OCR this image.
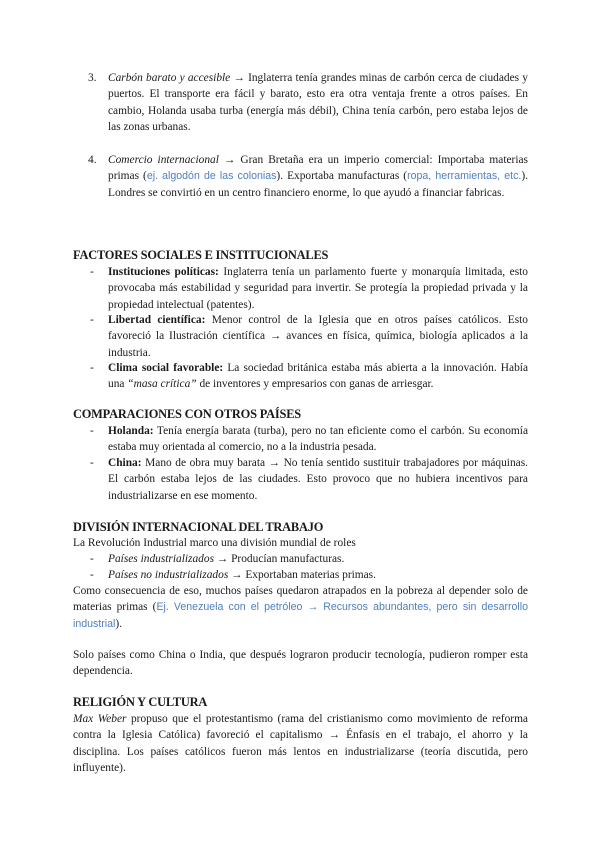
3. Carbón barato y accesible → Inglaterra tenía grandes minas de carbón cerca de ciudades y puertos. El transporte era fácil y barato, esto era otra ventaja frente a otros países. En cambio, Holanda usaba turba (energía más débil), China tenía carbón, pero estaba lejos de las zonas urbanas.
4. Comercio internacional → Gran Bretaña era un imperio comercial: Importaba materias primas (ej. algodón de las colonias). Exportaba manufacturas (ropa, herramientas, etc.). Londres se convirtió en un centro financiero enorme, lo que ayudó a financiar fabricas.
FACTORES SOCIALES E INSTITUCIONALES
- Instituciones políticas: Inglaterra tenía un parlamento fuerte y monarquía limitada, esto provocaba más estabilidad y seguridad para invertir. Se protegía la propiedad privada y la propiedad intelectual (patentes).
- Libertad científica: Menor control de la Iglesia que en otros países católicos. Esto favoreció la Ilustración científica → avances en física, química, biología aplicados a la industria.
- Clima social favorable: La sociedad británica estaba más abierta a la innovación. Había una “masa crítica” de inventores y empresarios con ganas de arriesgar.
COMPARACIONES CON OTROS PAÍSES
- Holanda: Tenía energía barata (turba), pero no tan eficiente como el carbón. Su economía estaba muy orientada al comercio, no a la industria pesada.
- China: Mano de obra muy barata → No tenía sentido sustituir trabajadores por máquinas. El carbón estaba lejos de las ciudades. Esto provoco que no hubiera incentivos para industrializarse en ese momento.
DIVISIÓN INTERNACIONAL DEL TRABAJO
La Revolución Industrial marco una división mundial de roles
- Países industrializados → Producían manufacturas.
- Países no industrializados → Exportaban materias primas.
Como consecuencia de eso, muchos países quedaron atrapados en la pobreza al depender solo de materias primas (Ej. Venezuela con el petróleo → Recursos abundantes, pero sin desarrollo industrial).
Solo países como China o India, que después lograron producir tecnología, pudieron romper esta dependencia.
RELIGIÓN Y CULTURA
Max Weber propuso que el protestantismo (rama del cristianismo como movimiento de reforma contra la Iglesia Católica) favoreció el capitalismo → Énfasis en el trabajo, el ahorro y la disciplina. Los países católicos fueron más lentos en industrializarse (teoría discutida, pero influyente).
